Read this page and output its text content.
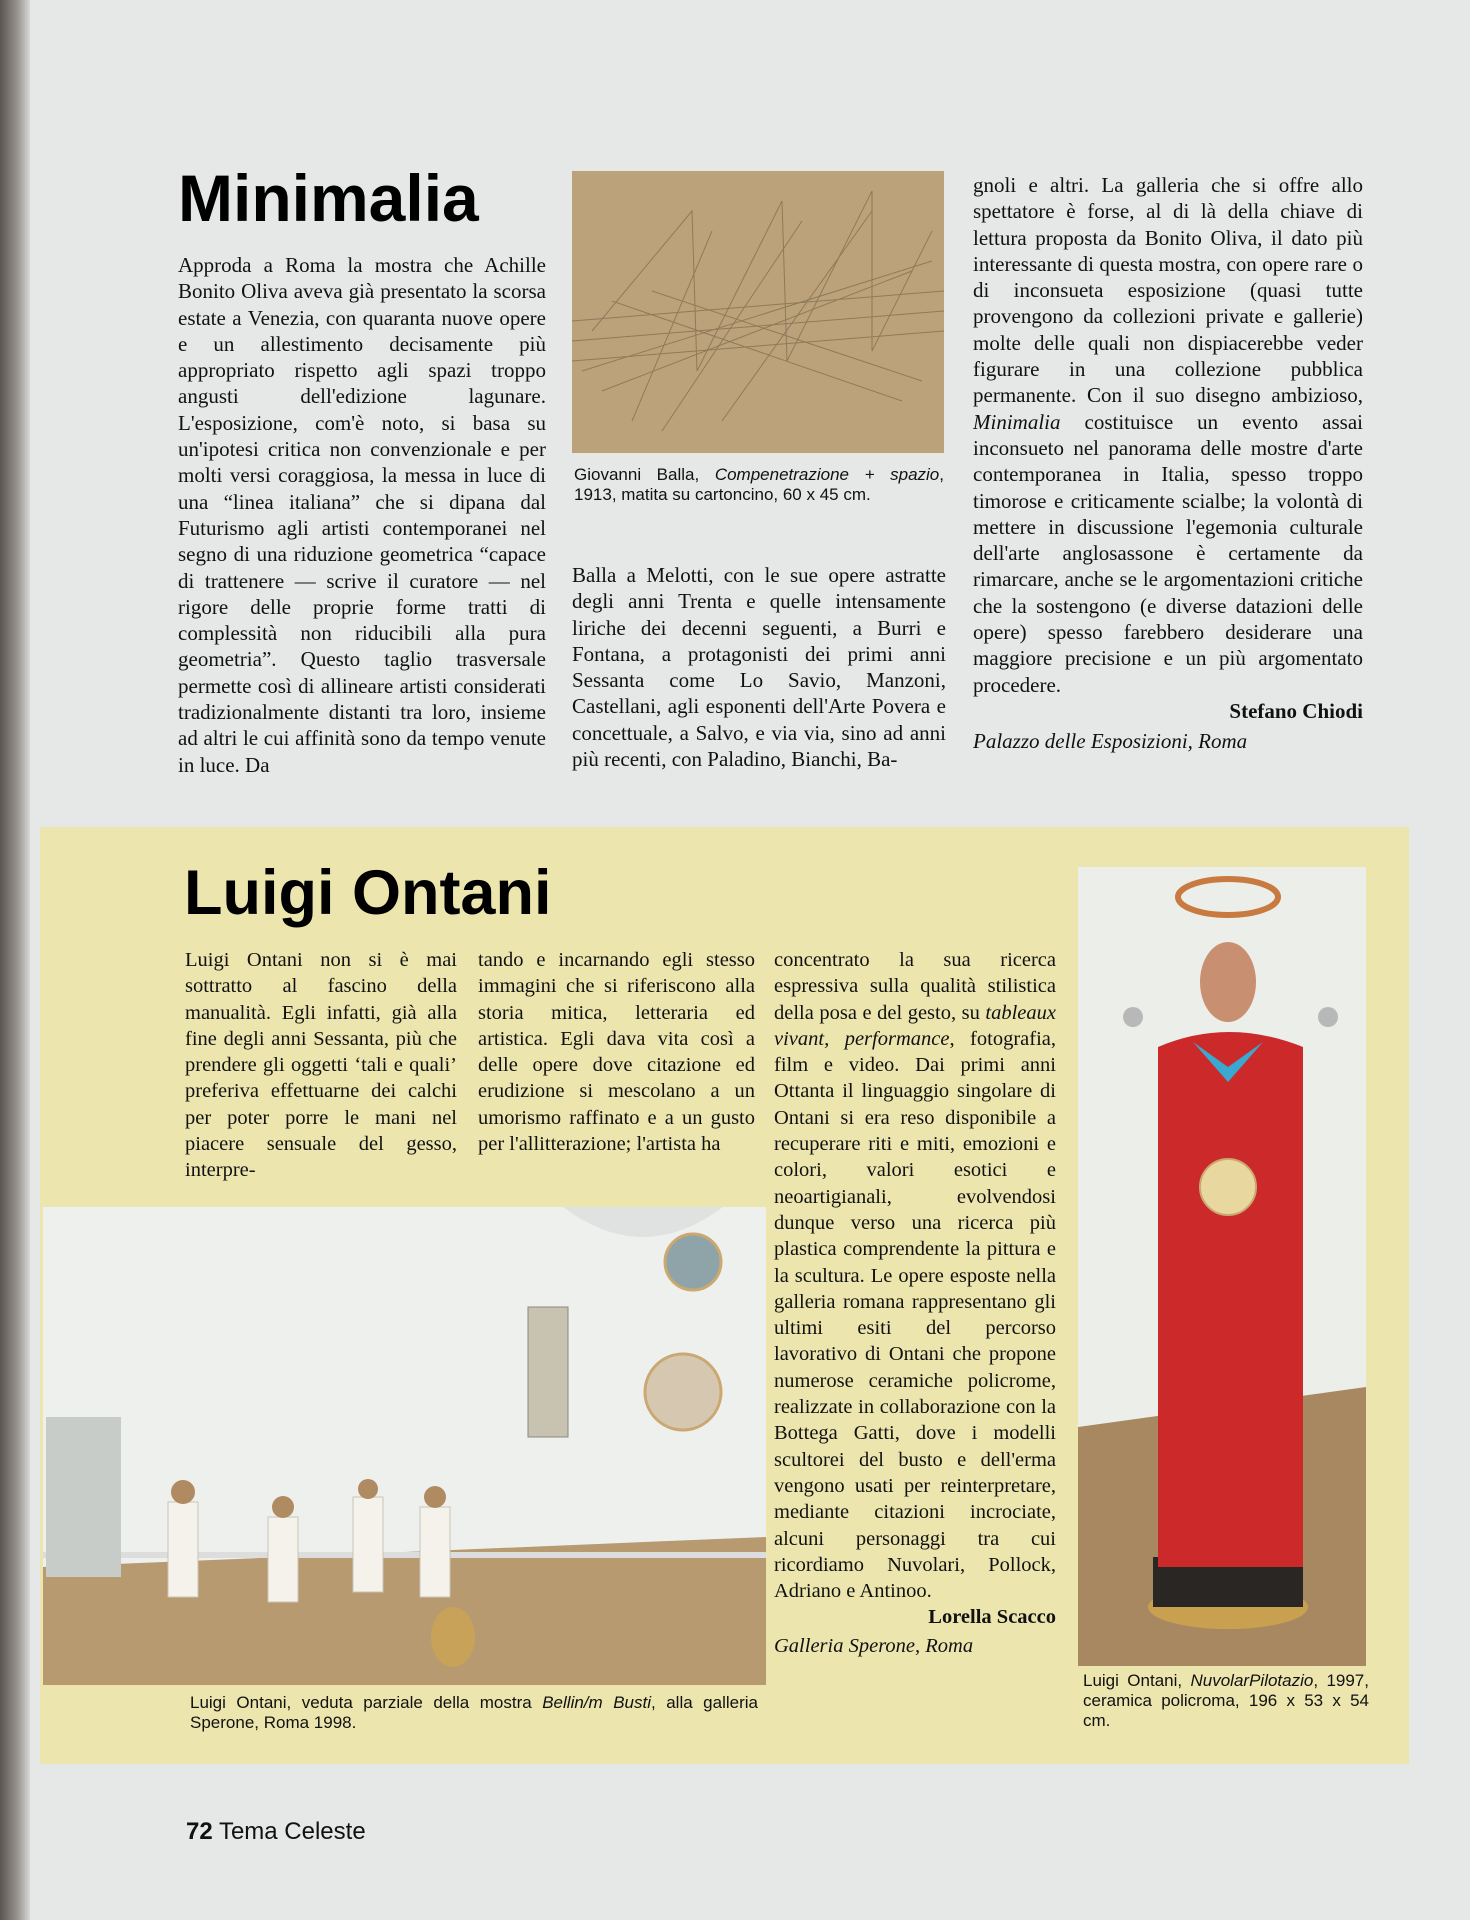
Minimalia

Approda a Roma la mostra che Achille Bonito Oliva aveva già presentato la scorsa estate a Venezia, con quaranta nuove opere e un allestimento decisamente più appropriato rispetto agli spazi troppo angusti dell'edizione lagunare. L'esposizione, com'è noto, si basa su un'ipotesi critica non convenzionale e per molti versi coraggiosa, la messa in luce di una “linea italiana” che si dipana dal Futurismo agli artisti contemporanei nel segno di una riduzione geometrica “capace di trattenere — scrive il curatore — nel rigore delle proprie forme tratti di complessità non riducibili alla pura geometria”. Questo taglio trasversale permette così di allineare artisti considerati tradizionalmente distanti tra loro, insieme ad altri le cui affinità sono da tempo venute in luce. Da

Giovanni Balla, Compenetrazione + spazio, 1913, matita su cartoncino, 60 x 45 cm.

Balla a Melotti, con le sue opere astratte degli anni Trenta e quelle intensamente liriche dei decenni seguenti, a Burri e Fontana, a protagonisti dei primi anni Sessanta come Lo Savio, Manzoni, Castellani, agli esponenti dell'Arte Povera e concettuale, a Salvo, e via via, sino ad anni più recenti, con Paladino, Bianchi, Ba-

gnoli e altri. La galleria che si offre allo spettatore è forse, al di là della chiave di lettura proposta da Bonito Oliva, il dato più interessante di questa mostra, con opere rare o di inconsueta esposizione (quasi tutte provengono da collezioni private e gallerie) molte delle quali non dispiacerebbe veder figurare in una collezione pubblica permanente. Con il suo disegno ambizioso, Minimalia costituisce un evento assai inconsueto nel panorama delle mostre d'arte contemporanea in Italia, spesso troppo timorose e criticamente scialbe; la volontà di mettere in discussione l'egemonia culturale dell'arte anglosassone è certamente da rimarcare, anche se le argomentazioni critiche che la sostengono (e diverse datazioni delle opere) spesso farebbero desiderare una maggiore precisione e un più argomentato procedere.

Stefano Chiodi

Palazzo delle Esposizioni, Roma

Luigi Ontani

Luigi Ontani non si è mai sottratto al fascino della manualità. Egli infatti, già alla fine degli anni Sessanta, più che prendere gli oggetti ‘tali e quali’ preferiva effettuarne dei calchi per poter porre le mani nel piacere sensuale del gesso, interpre-

tando e incarnando egli stesso immagini che si riferiscono alla storia mitica, letteraria ed artistica. Egli dava vita così a delle opere dove citazione ed erudizione si mescolano a un umorismo raffinato e a un gusto per l'allitterazione; l'artista ha

concentrato la sua ricerca espressiva sulla qualità stilistica della posa e del gesto, su tableaux vivant, performance, fotografia, film e video. Dai primi anni Ottanta il linguaggio singolare di Ontani si era reso disponibile a recuperare riti e miti, emozioni e colori, valori esotici e neoartigianali, evolvendosi dunque verso una ricerca più plastica comprendente la pittura e la scultura. Le opere esposte nella galleria romana rappresentano gli ultimi esiti del percorso lavorativo di Ontani che propone numerose ceramiche policrome, realizzate in collaborazione con la Bottega Gatti, dove i modelli scultorei del busto e dell'erma vengono usati per reinterpretare, mediante citazioni incrociate, alcuni personaggi tra cui ricordiamo Nuvolari, Pollock, Adriano e Antinoo.

Lorella Scacco

Galleria Sperone, Roma

Luigi Ontani, veduta parziale della mostra Bellin/m Busti, alla galleria Sperone, Roma 1998.
Luigi Ontani, NuvolarPilotazio, 1997, ceramica policroma, 196 x 53 x 54 cm.
72 Tema Celeste
